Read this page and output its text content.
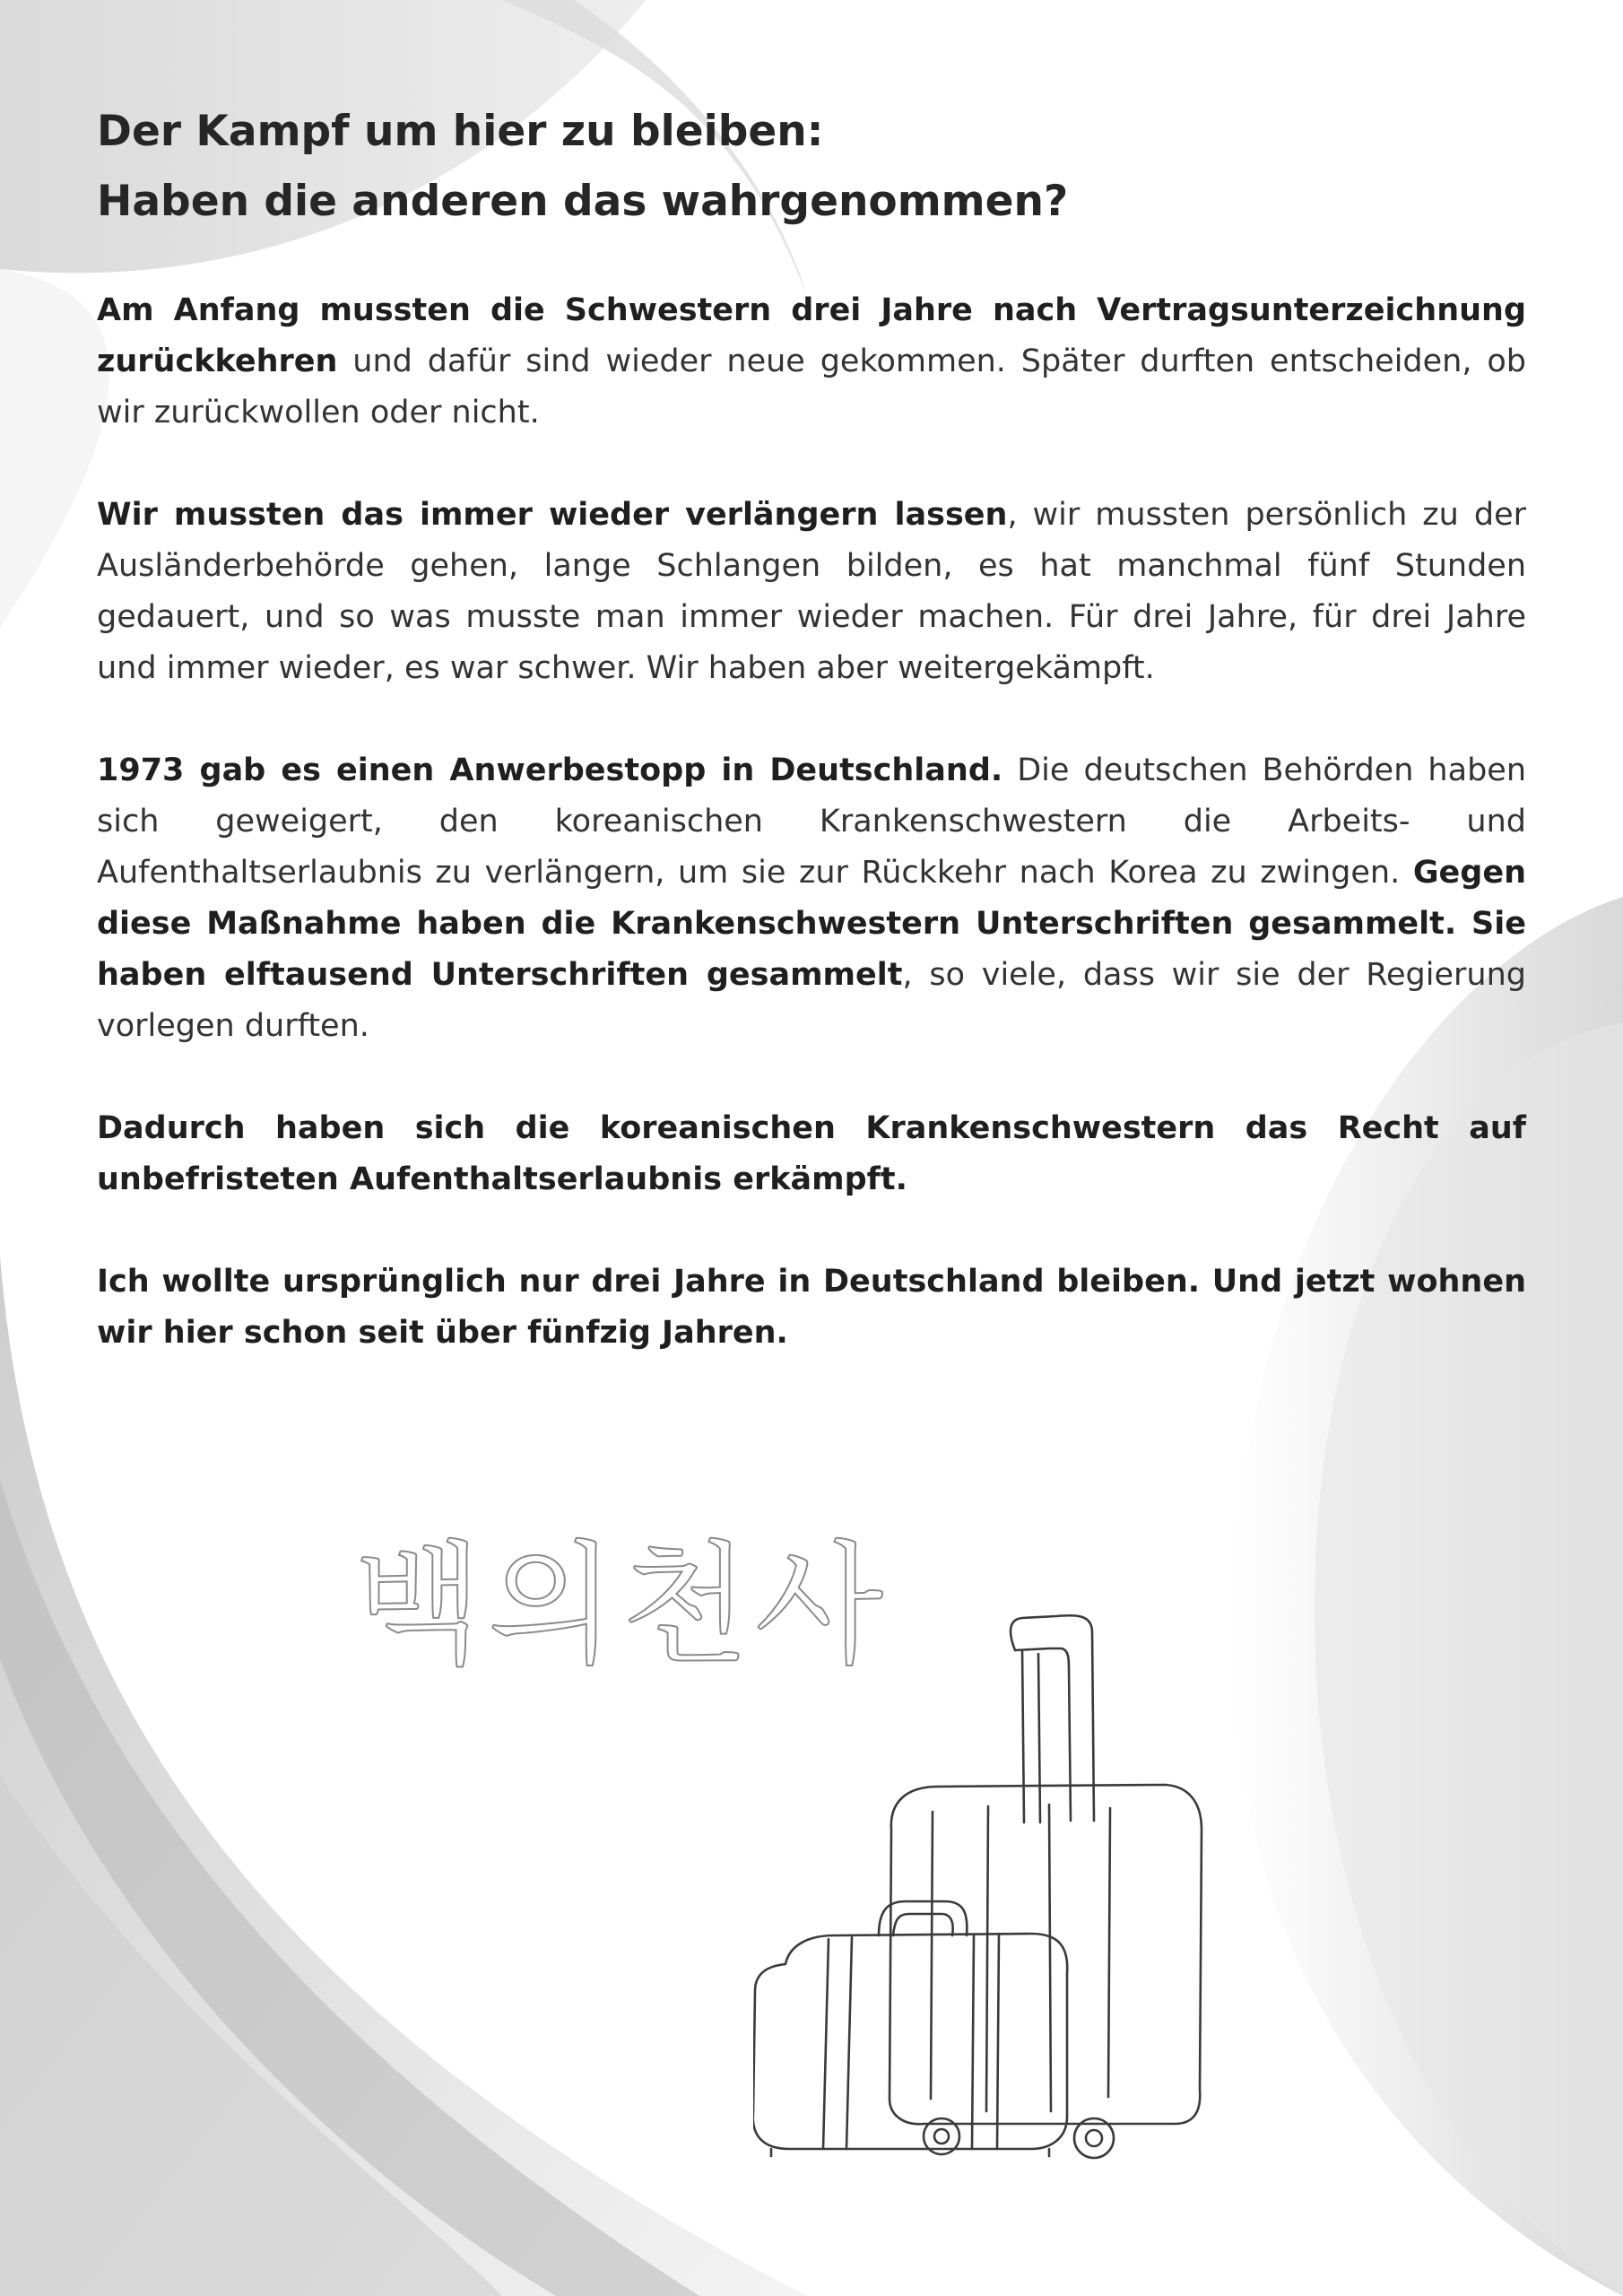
Der Kampf um hier zu bleiben:
Haben die anderen das wahrgenommen?

Am Anfang mussten die Schwestern drei Jahre nach Vertragsunterzeichnung zurückkehren und dafür sind wieder neue gekommen. Später durften entscheiden, ob wir zurückwollen oder nicht.

Wir mussten das immer wieder verlängern lassen, wir mussten persönlich zu der Ausländerbehörde gehen, lange Schlangen bilden, es hat manchmal fünf Stunden gedauert, und so was musste man immer wieder machen. Für drei Jahre, für drei Jahre und immer wieder, es war schwer. Wir haben aber weitergekämpft.

1973 gab es einen Anwerbestopp in Deutschland. Die deutschen Behörden haben sich geweigert, den koreanischen Krankenschwestern die Arbeits- und Aufenthaltserlaubnis zu verlängern, um sie zur Rückkehr nach Korea zu zwingen. Gegen diese Maßnahme haben die Krankenschwestern Unterschriften gesammelt. Sie haben elftausend Unterschriften gesammelt, so viele, dass wir sie der Regierung vorlegen durften.

Dadurch haben sich die koreanischen Krankenschwestern das Recht auf unbefristeten Aufenthaltserlaubnis erkämpft.

Ich wollte ursprünglich nur drei Jahre in Deutschland bleiben. Und jetzt wohnen wir hier schon seit über fünfzig Jahren.

백의천사
